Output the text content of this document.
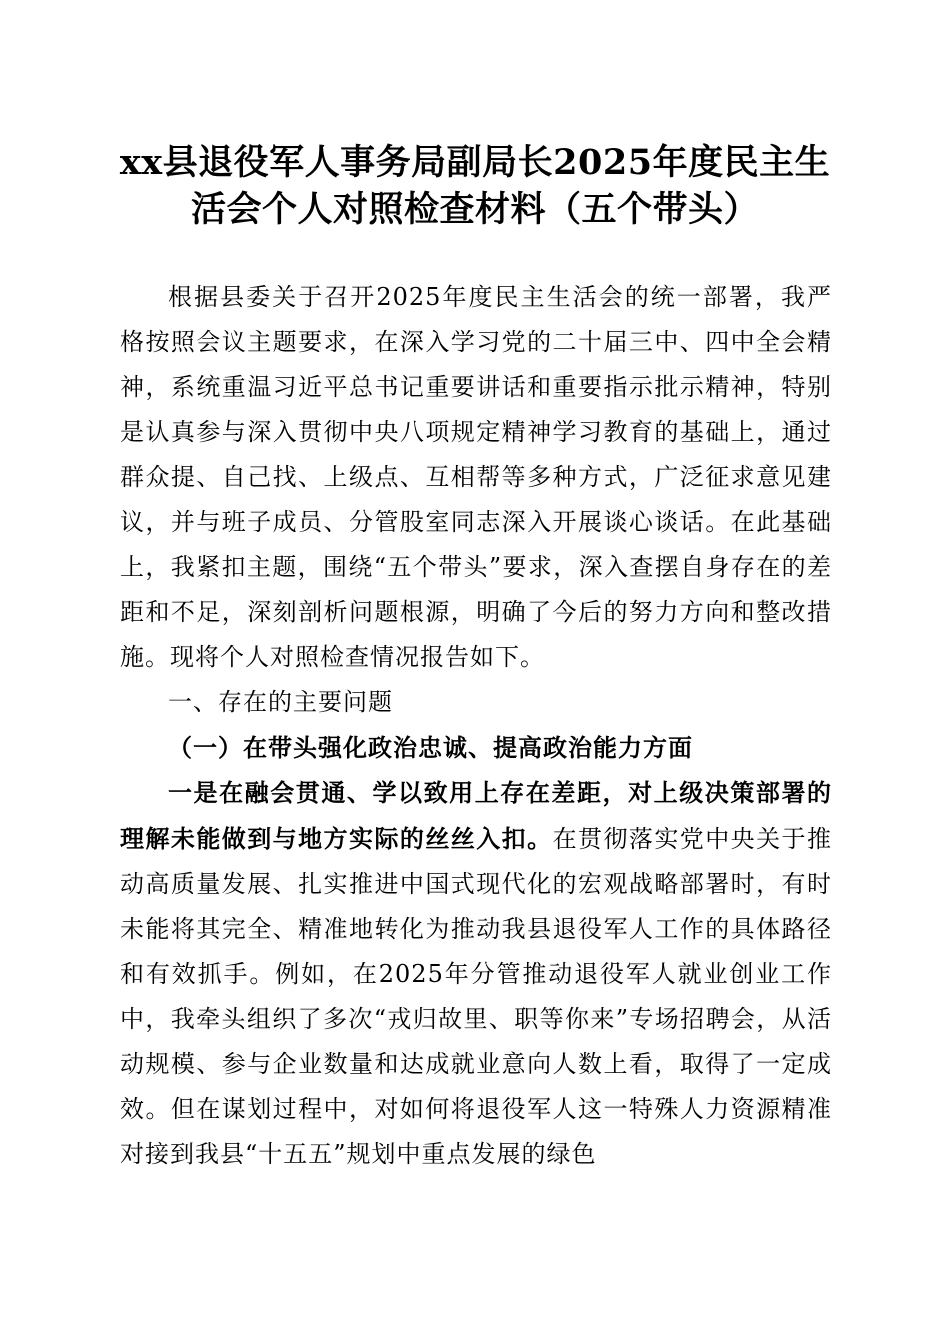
xx县退役军人事务局副局长2025年度民主生
活会个人对照检查材料（五个带头）

根据县委关于召开2025年度民主生活会的统一部署，我严格按照会议主题要求，在深入学习党的二十届三中、四中全会精神，系统重温习近平总书记重要讲话和重要指示批示精神，特别是认真参与深入贯彻中央八项规定精神学习教育的基础上，通过群众提、自己找、上级点、互相帮等多种方式，广泛征求意见建议，并与班子成员、分管股室同志深入开展谈心谈话。在此基础上，我紧扣主题，围绕“五个带头”要求，深入查摆自身存在的差距和不足，深刻剖析问题根源，明确了今后的努力方向和整改措施。现将个人对照检查情况报告如下。

一、存在的主要问题
（一）在带头强化政治忠诚、提高政治能力方面

一是在融会贯通、学以致用上存在差距，对上级决策部署的理解未能做到与地方实际的丝丝入扣。在贯彻落实党中央关于推动高质量发展、扎实推进中国式现代化的宏观战略部署时，有时未能将其完全、精准地转化为推动我县退役军人工作的具体路径和有效抓手。例如，在2025年分管推动退役军人就业创业工作中，我牵头组织了多次“戎归故里、职等你来”专场招聘会，从活动规模、参与企业数量和达成就业意向人数上看，取得了一定成效。但在谋划过程中，对如何将退役军人这一特殊人力资源精准对接到我县“十五五”规划中重点发展的绿色
